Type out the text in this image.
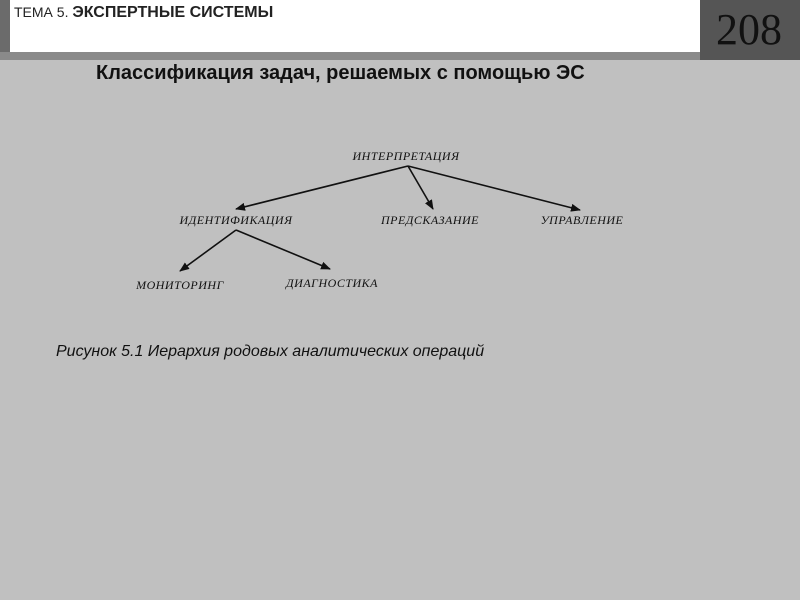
ТЕМА 5. ЭКСПЕРТНЫЕ СИСТЕМЫ	208
Классификация задач, решаемых с помощью ЭС
ИНТЕРПРЕТАЦИЯ
ИДЕНТИФИКАЦИЯ	ПРЕДСКАЗАНИЕ	УПРАВЛЕНИЕ
МОНИТОРИНГ	ДИАГНОСТИКА
Рисунок 5.1 Иерархия родовых аналитических операций
